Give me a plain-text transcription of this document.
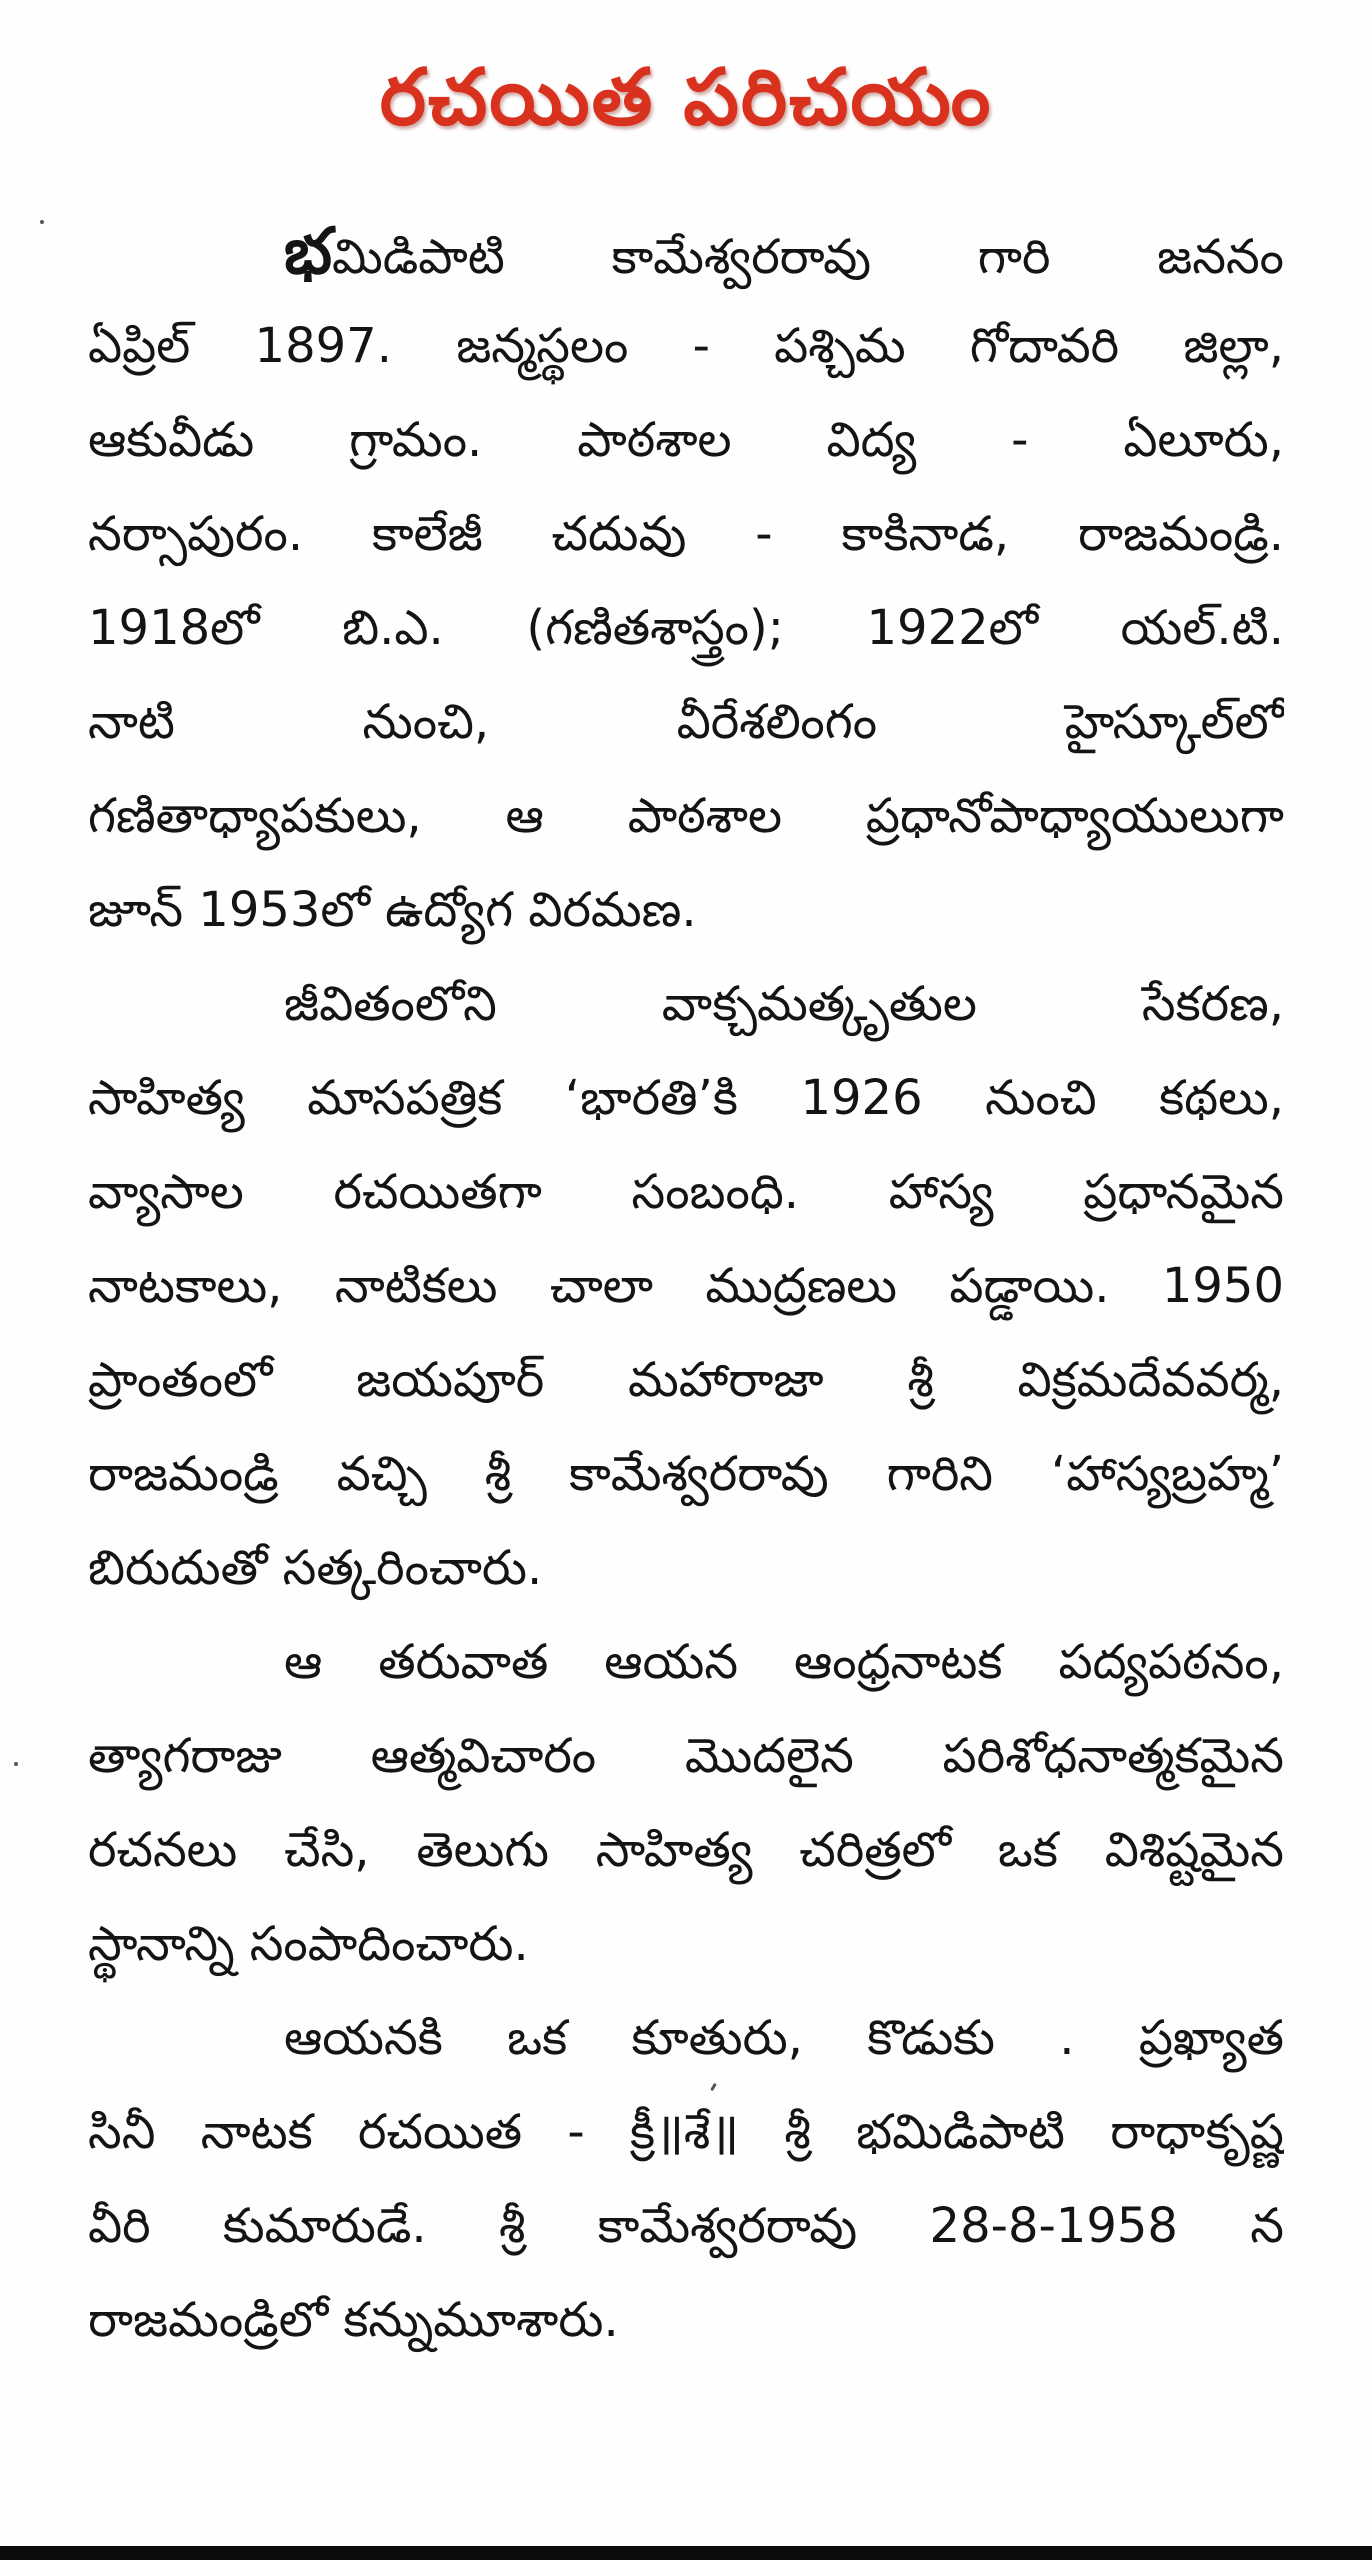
రచయిత పరిచయం
భమిడిపాటి కామేశ్వరరావు గారి జననం
ఏప్రిల్ 1897. జన్మస్థలం - పశ్చిమ గోదావరి జిల్లా,
ఆకువీడు గ్రామం. పాఠశాల విద్య - ఏలూరు,
నర్సాపురం. కాలేజీ చదువు - కాకినాడ, రాజమండ్రి.
1918లో బి.ఎ. (గణితశాస్త్రం); 1922లో యల్.టి.
నాటి నుంచి, వీరేశలింగం హైస్కూల్‌లో
గణితాధ్యాపకులు, ఆ పాఠశాల ప్రధానోపాధ్యాయులుగా
జూన్ 1953లో ఉద్యోగ విరమణ.
జీవితంలోని వాక్చమత్కృతుల సేకరణ,
సాహిత్య మాసపత్రిక ‘భారతి’కి 1926 నుంచి కథలు,
వ్యాసాల రచయితగా సంబంధి. హాస్య ప్రధానమైన
నాటకాలు, నాటికలు చాలా ముద్రణలు పడ్డాయి. 1950
ప్రాంతంలో జయపూర్ మహారాజా శ్రీ విక్రమదేవవర్మ,
రాజమండ్రి వచ్చి శ్రీ కామేశ్వరరావు గారిని ‘హాస్యబ్రహ్మ’
బిరుదుతో సత్కరించారు.
ఆ తరువాత ఆయన ఆంధ్రనాటక పద్యపఠనం,
త్యాగరాజు ఆత్మవిచారం మొదలైన పరిశోధనాత్మకమైన
రచనలు చేసి, తెలుగు సాహిత్య చరిత్రలో ఒక విశిష్టమైన
స్థానాన్ని సంపాదించారు.
ఆయనకి ఒక కూతురు, కొడుకు . ప్రఖ్యాత
సినీ నాటక రచయిత - క్రీ॥శే॥ శ్రీ భమిడిపాటి రాధాకృష్ణ
వీరి కుమారుడే. శ్రీ కామేశ్వరరావు 28-8-1958 న
రాజమండ్రిలో కన్నుమూశారు.
